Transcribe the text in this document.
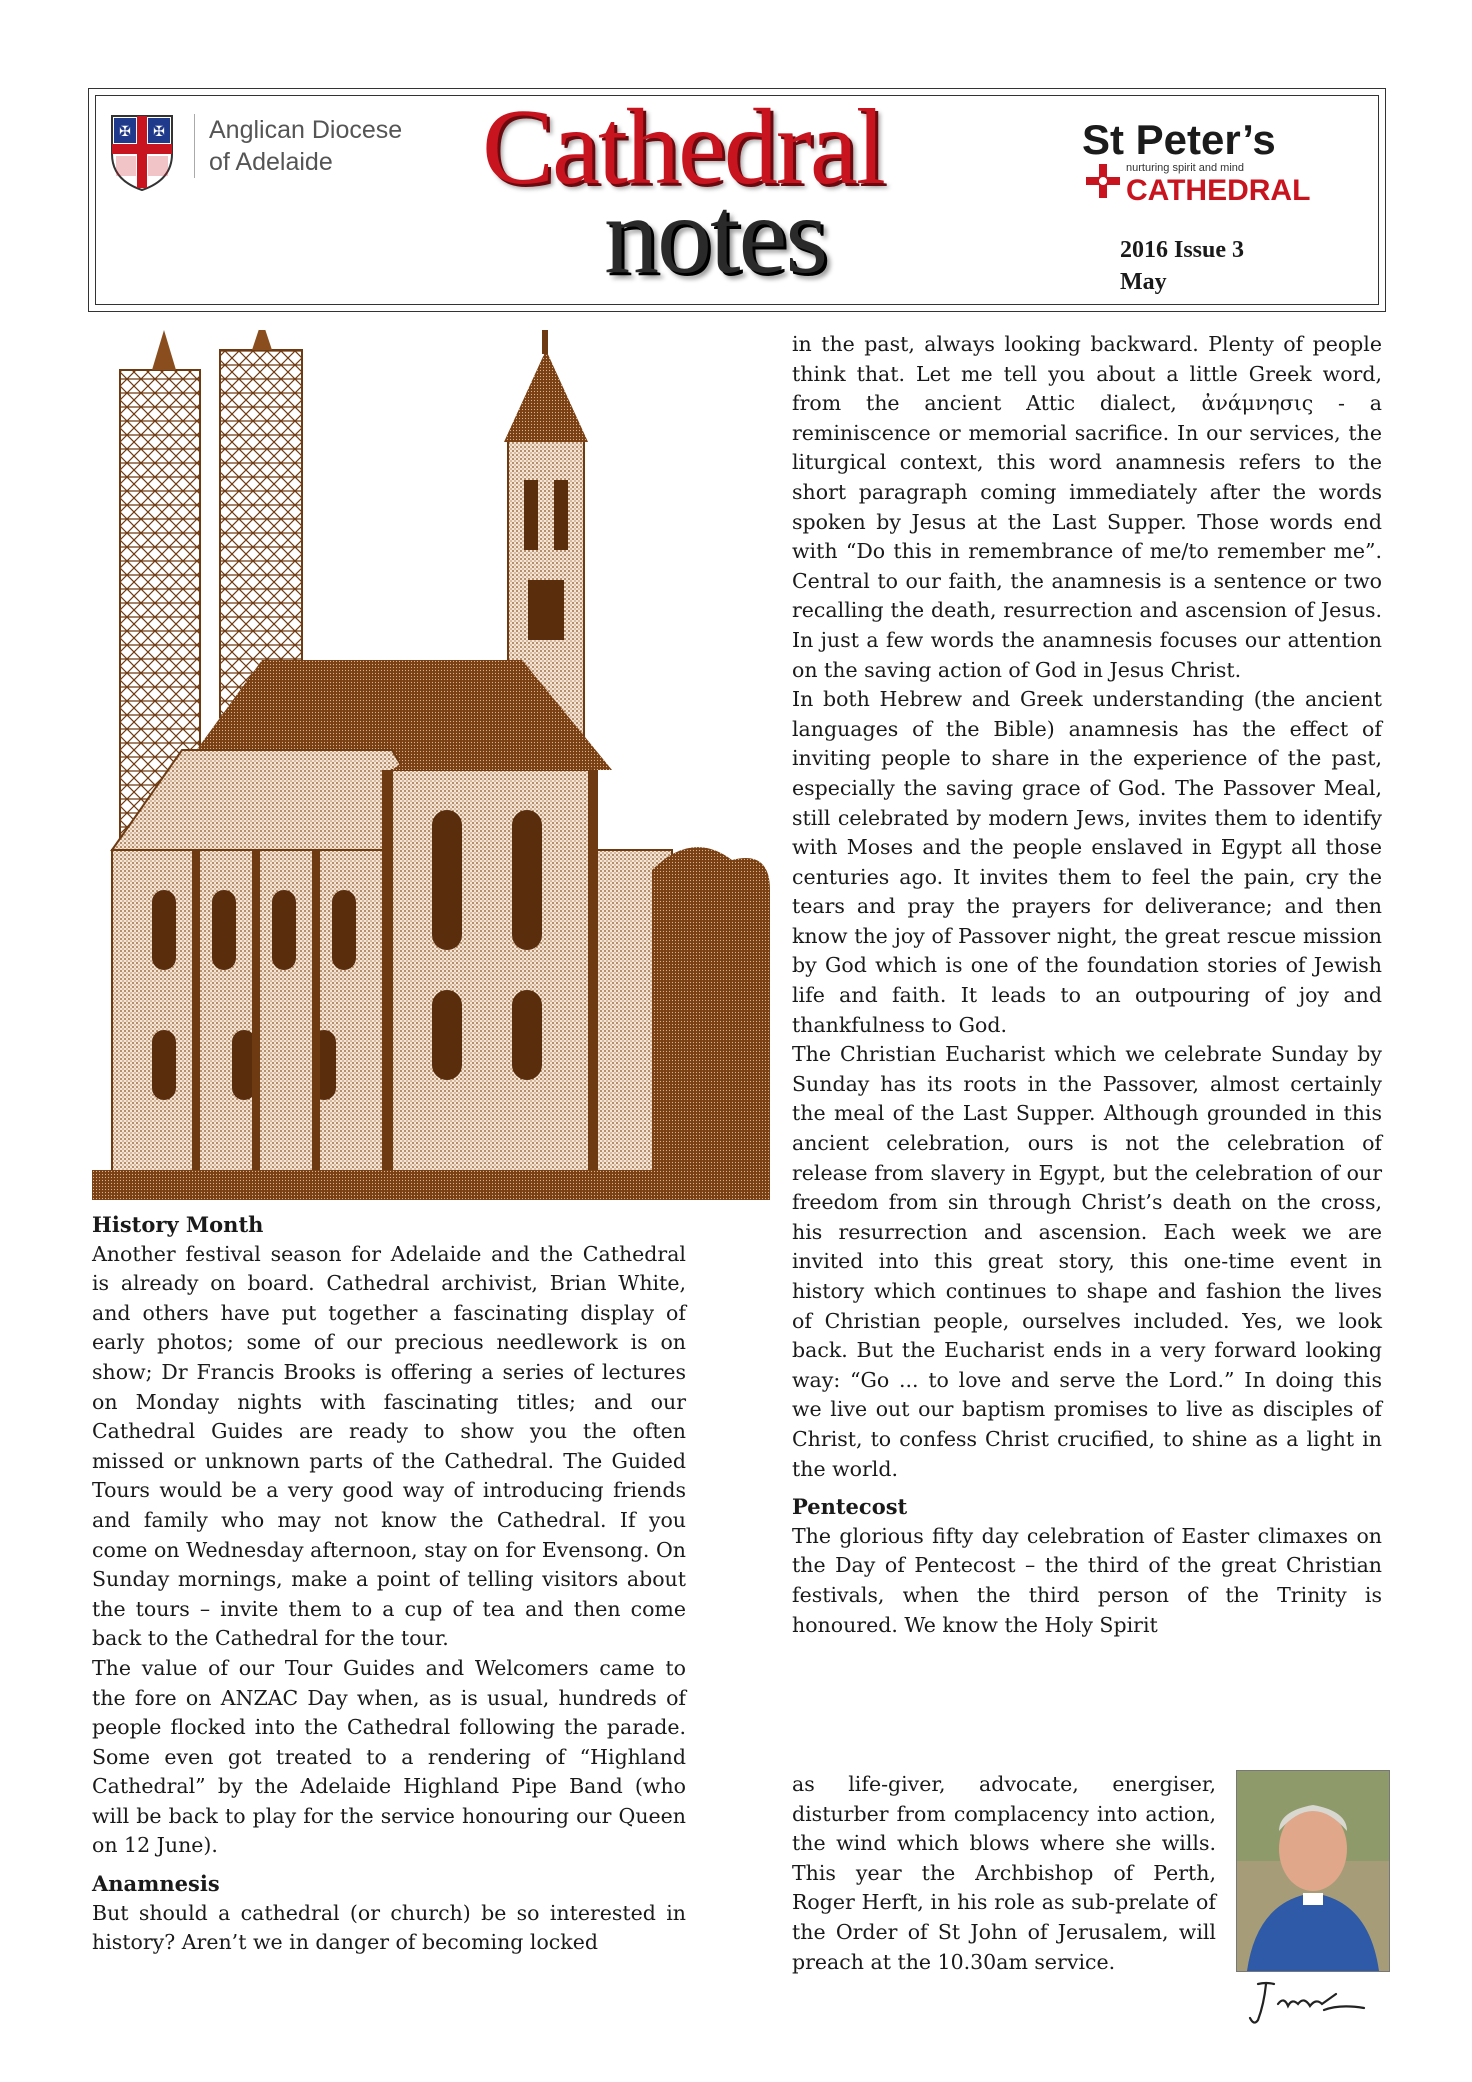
✠ ✠ Anglican Diocese
of Adelaide	Cathedral
notes
St Peter’s
nurturing spirit and mind
CATHEDRAL
2016 Issue 3
May
History Month

Another festival season for Adelaide and the Cathedral is already on board. Cathedral archivist, Brian White, and others have put together a fascinating display of early photos; some of our precious needlework is on show; Dr Francis Brooks is offering a series of lectures on Monday nights with fascinating titles; and our Cathedral Guides are ready to show you the often missed or unknown parts of the Cathedral. The Guided Tours would be a very good way of introducing friends and family who may not know the Cathedral. If you come on Wednesday afternoon, stay on for Evensong. On Sunday mornings, make a point of telling visitors about the tours – invite them to a cup of tea and then come back to the Cathedral for the tour.

The value of our Tour Guides and Welcomers came to the fore on ANZAC Day when, as is usual, hundreds of people flocked into the Cathedral following the parade. Some even got treated to a rendering of “Highland Cathedral” by the Adelaide Highland Pipe Band (who will be back to play for the service honouring our Queen on 12 June).

Anamnesis

But should a cathedral (or church) be so interested in history? Aren’t we in danger of becoming locked

in the past, always looking backward. Plenty of people think that. Let me tell you about a little Greek word, from the ancient Attic dialect, ἀνάμνησις - a reminiscence or memorial sacrifice. In our services, the liturgical context, this word anamnesis refers to the short paragraph coming immediately after the words spoken by Jesus at the Last Supper. Those words end with “Do this in remembrance of me/to remember me”. Central to our faith, the anamnesis is a sentence or two recalling the death, resurrection and ascension of Jesus. In just a few words the anamnesis focuses our attention on the saving action of God in Jesus Christ.

In both Hebrew and Greek understanding (the ancient languages of the Bible) anamnesis has the effect of inviting people to share in the experience of the past, especially the saving grace of God. The Passover Meal, still celebrated by modern Jews, invites them to identify with Moses and the people enslaved in Egypt all those centuries ago. It invites them to feel the pain, cry the tears and pray the prayers for deliverance; and then know the joy of Passover night, the great rescue mission by God which is one of the foundation stories of Jewish life and faith. It leads to an outpouring of joy and thankfulness to God.

The Christian Eucharist which we celebrate Sunday by Sunday has its roots in the Passover, almost certainly the meal of the Last Supper. Although grounded in this ancient celebration, ours is not the celebration of release from slavery in Egypt, but the celebration of our freedom from sin through Christ’s death on the cross, his resurrection and ascension. Each week we are invited into this great story, this one-time event in history which continues to shape and fashion the lives of Christian people, ourselves included. Yes, we look back. But the Eucharist ends in a very forward looking way: “Go ... to love and serve the Lord.” In doing this we live out our baptism promises to live as disciples of Christ, to confess Christ crucified, to shine as a light in the world.

Pentecost

The glorious fifty day celebration of Easter climaxes on the Day of Pentecost – the third of the great Christian festivals, when the third person of the Trinity is honoured. We know the Holy Spirit

as life-giver, advocate, energiser, disturber from complacency into action, the wind which blows where she wills. This year the Archbishop of Perth, Roger Herft, in his role as sub-prelate of the Order of St John of Jerusalem, will preach at the 10.30am service.
